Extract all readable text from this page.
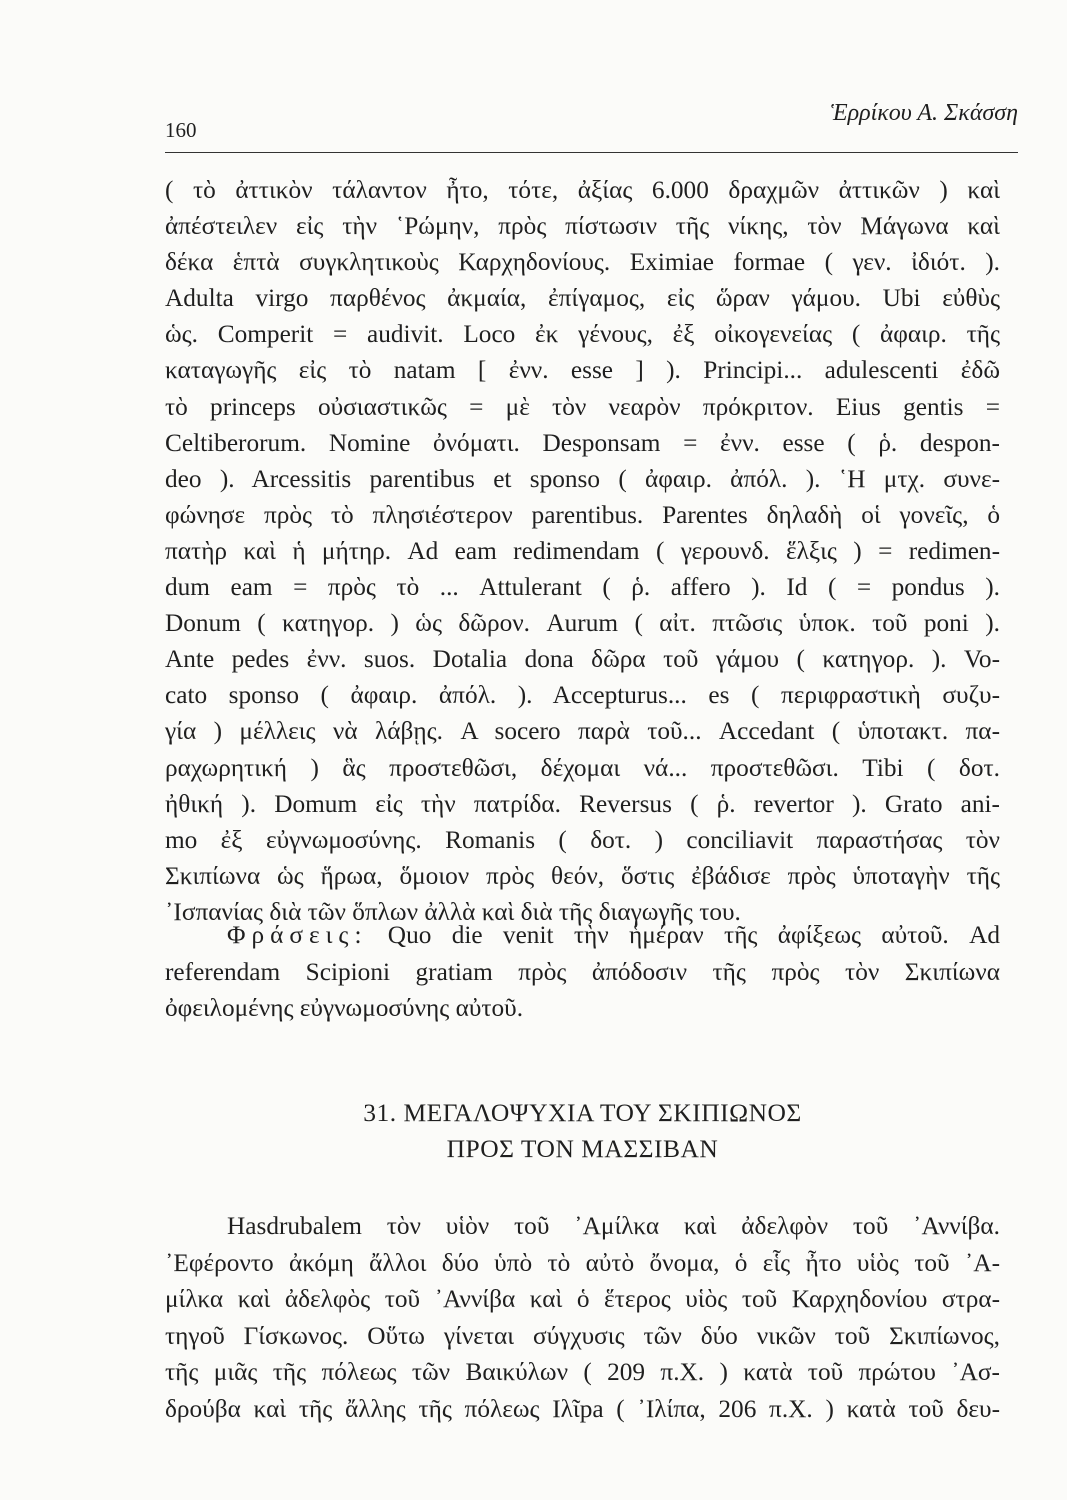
160
Ἑρρίκου Α. Σκάσση
( τὸ ἀττικὸν τάλαντον ἦτο, τότε, ἀξίας 6.000 δραχμῶν ἀττικῶν ) καὶ
ἀπέστειλεν εἰς τὴν ῾Ρώμην, πρὸς πίστωσιν τῆς νίκης, τὸν Μάγωνα καὶ
δέκα ἑπτὰ συγκλητικοὺς Καρχηδονίους. Eximiae formae ( γεν. ἰδιότ. ).
Adulta virgo παρθένος ἀκμαία, ἐπίγαμος, εἰς ὥραν γάμου. Ubi εὐθὺς
ὡς. Comperit = audivit. Loco ἐκ γένους, ἐξ οἰκογενείας ( ἀφαιρ. τῆς
καταγωγῆς εἰς τὸ natam [ ἐνν. esse ] ). Principi... adulescenti ἐδῶ
τὸ princeps οὐσιαστικῶς = μὲ τὸν νεαρὸν πρόκριτον. Eius gentis =
Celtiberorum. Nomine ὀνόματι. Desponsam = ἐνν. esse ( ῥ. despon-
deo ). Arcessitis parentibus et sponso ( ἀφαιρ. ἀπόλ. ). ῾Η μτχ. συνε-
φώνησε πρὸς τὸ πλησιέστερον parentibus. Parentes δηλαδὴ οἱ γονεῖς, ὁ
πατὴρ καὶ ἡ μήτηρ. Ad eam redimendam ( γερουνδ. ἕλξις ) = redimen-
dum eam = πρὸς τὸ ... Attulerant ( ῥ. affero ). Id ( = pondus ).
Donum ( κατηγορ. ) ὡς δῶρον. Aurum ( αἰτ. πτῶσις ὑποκ. τοῦ poni ).
Ante pedes ἐνν. suos. Dotalia dona δῶρα τοῦ γάμου ( κατηγορ. ). Vo-
cato sponso ( ἀφαιρ. ἀπόλ. ). Accepturus... es ( περιφραστικὴ συζυ-
γία ) μέλλεις νὰ λάβῃς. A socero παρὰ τοῦ... Accedant ( ὑποτακτ. πα-
ραχωρητική ) ἃς προστεθῶσι, δέχομαι νά... προστεθῶσι. Tibi ( δοτ.
ἠθική ). Domum εἰς τὴν πατρίδα. Reversus ( ῥ. revertor ). Grato ani-
mo ἐξ εὐγνωμοσύνης. Romanis ( δοτ. ) conciliavit παραστήσας τὸν
Σκιπίωνα ὡς ἥρωα, ὅμοιον πρὸς θεόν, ὅστις ἐβάδισε πρὸς ὑποταγὴν τῆς
᾿Ισπανίας διὰ τῶν ὅπλων ἀλλὰ καὶ διὰ τῆς διαγωγῆς του.
Φράσεις: Quo die venit τὴν ἡμέραν τῆς ἀφίξεως αὐτοῦ. Ad
referendam Scipioni gratiam πρὸς ἀπόδοσιν τῆς πρὸς τὸν Σκιπίωνα
ὀφειλομένης εὐγνωμοσύνης αὐτοῦ.
31. ΜΕΓΑΛΟΨΥΧΙΑ ΤΟΥ ΣΚΙΠΙΩΝΟΣ
ΠΡΟΣ ΤΟΝ ΜΑΣΣΙΒΑΝ
Hasdrubalem τὸν υἱὸν τοῦ ᾿Αμίλκα καὶ ἀδελφὸν τοῦ ᾿Αννίβα.
᾿Εφέροντο ἀκόμη ἄλλοι δύο ὑπὸ τὸ αὐτὸ ὄνομα, ὁ εἷς ἦτο υἱὸς τοῦ ᾿Α-
μίλκα καὶ ἀδελφὸς τοῦ ᾿Αννίβα καὶ ὁ ἕτερος υἱὸς τοῦ Καρχηδονίου στρα-
τηγοῦ Γίσκωνος. Οὕτω γίνεται σύγχυσις τῶν δύο νικῶν τοῦ Σκιπίωνος,
τῆς μιᾶς τῆς πόλεως τῶν Βαικύλων ( 209 π.Χ. ) κατὰ τοῦ πρώτου ᾿Ασ-
δρούβα καὶ τῆς ἄλλης τῆς πόλεως Ιλῖpa ( ᾿Ιλίπα, 206 π.Χ. ) κατὰ τοῦ δευ-
